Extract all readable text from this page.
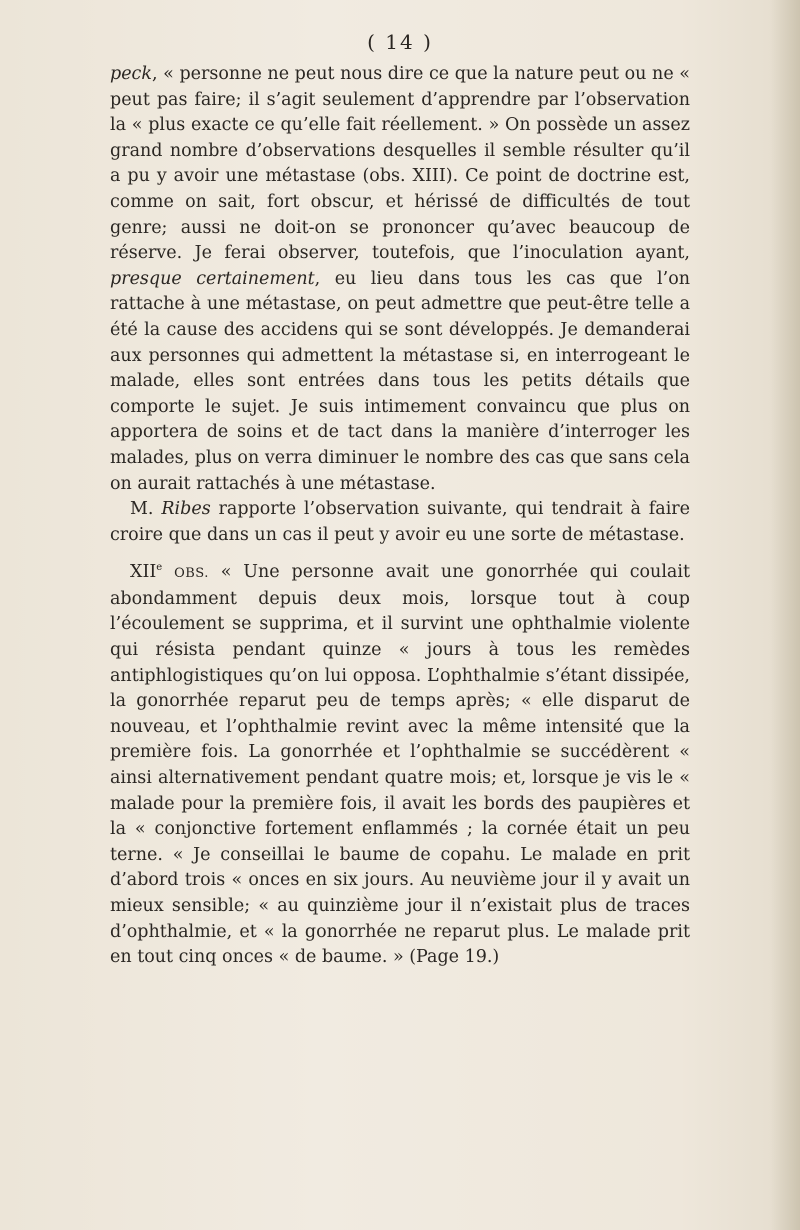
( 14 )

peck, « personne ne peut nous dire ce que la nature peut ou ne « peut pas faire; il s’agit seulement d’apprendre par l’observation la « plus exacte ce qu’elle fait réellement. » On possède un assez grand nombre d’observations desquelles il semble résulter qu’il a pu y avoir une métastase (obs. XIII). Ce point de doctrine est, comme on sait, fort obscur, et hérissé de difficultés de tout genre; aussi ne doit-on se prononcer qu’avec beaucoup de réserve. Je ferai observer, toutefois, que l’inoculation ayant, presque certainement, eu lieu dans tous les cas que l’on rattache à une métastase, on peut admettre que peut-être telle a été la cause des accidens qui se sont développés. Je demanderai aux personnes qui admettent la métastase si, en interrogeant le malade, elles sont entrées dans tous les petits détails que comporte le sujet. Je suis intimement convaincu que plus on apportera de soins et de tact dans la manière d’interroger les malades, plus on verra diminuer le nombre des cas que sans cela on aurait rattachés à une métastase.

M. Ribes rapporte l’observation suivante, qui tendrait à faire croire que dans un cas il peut y avoir eu une sorte de métastase.

XIIe OBS. « Une personne avait une gonorrhée qui coulait abondamment depuis deux mois, lorsque tout à coup l’écoulement se supprima, et il survint une ophthalmie violente qui résista pendant quinze « jours à tous les remèdes antiphlogistiques qu’on lui opposa. L’ophthalmie s’étant dissipée, la gonorrhée reparut peu de temps après; « elle disparut de nouveau, et l’ophthalmie revint avec la même intensité que la première fois. La gonorrhée et l’ophthalmie se succédèrent « ainsi alternativement pendant quatre mois; et, lorsque je vis le « malade pour la première fois, il avait les bords des paupières et la « conjonctive fortement enflammés ; la cornée était un peu terne. « Je conseillai le baume de copahu. Le malade en prit d’abord trois « onces en six jours. Au neuvième jour il y avait un mieux sensible; « au quinzième jour il n’existait plus de traces d’ophthalmie, et « la gonorrhée ne reparut plus. Le malade prit en tout cinq onces « de baume. » (Page 19.)
